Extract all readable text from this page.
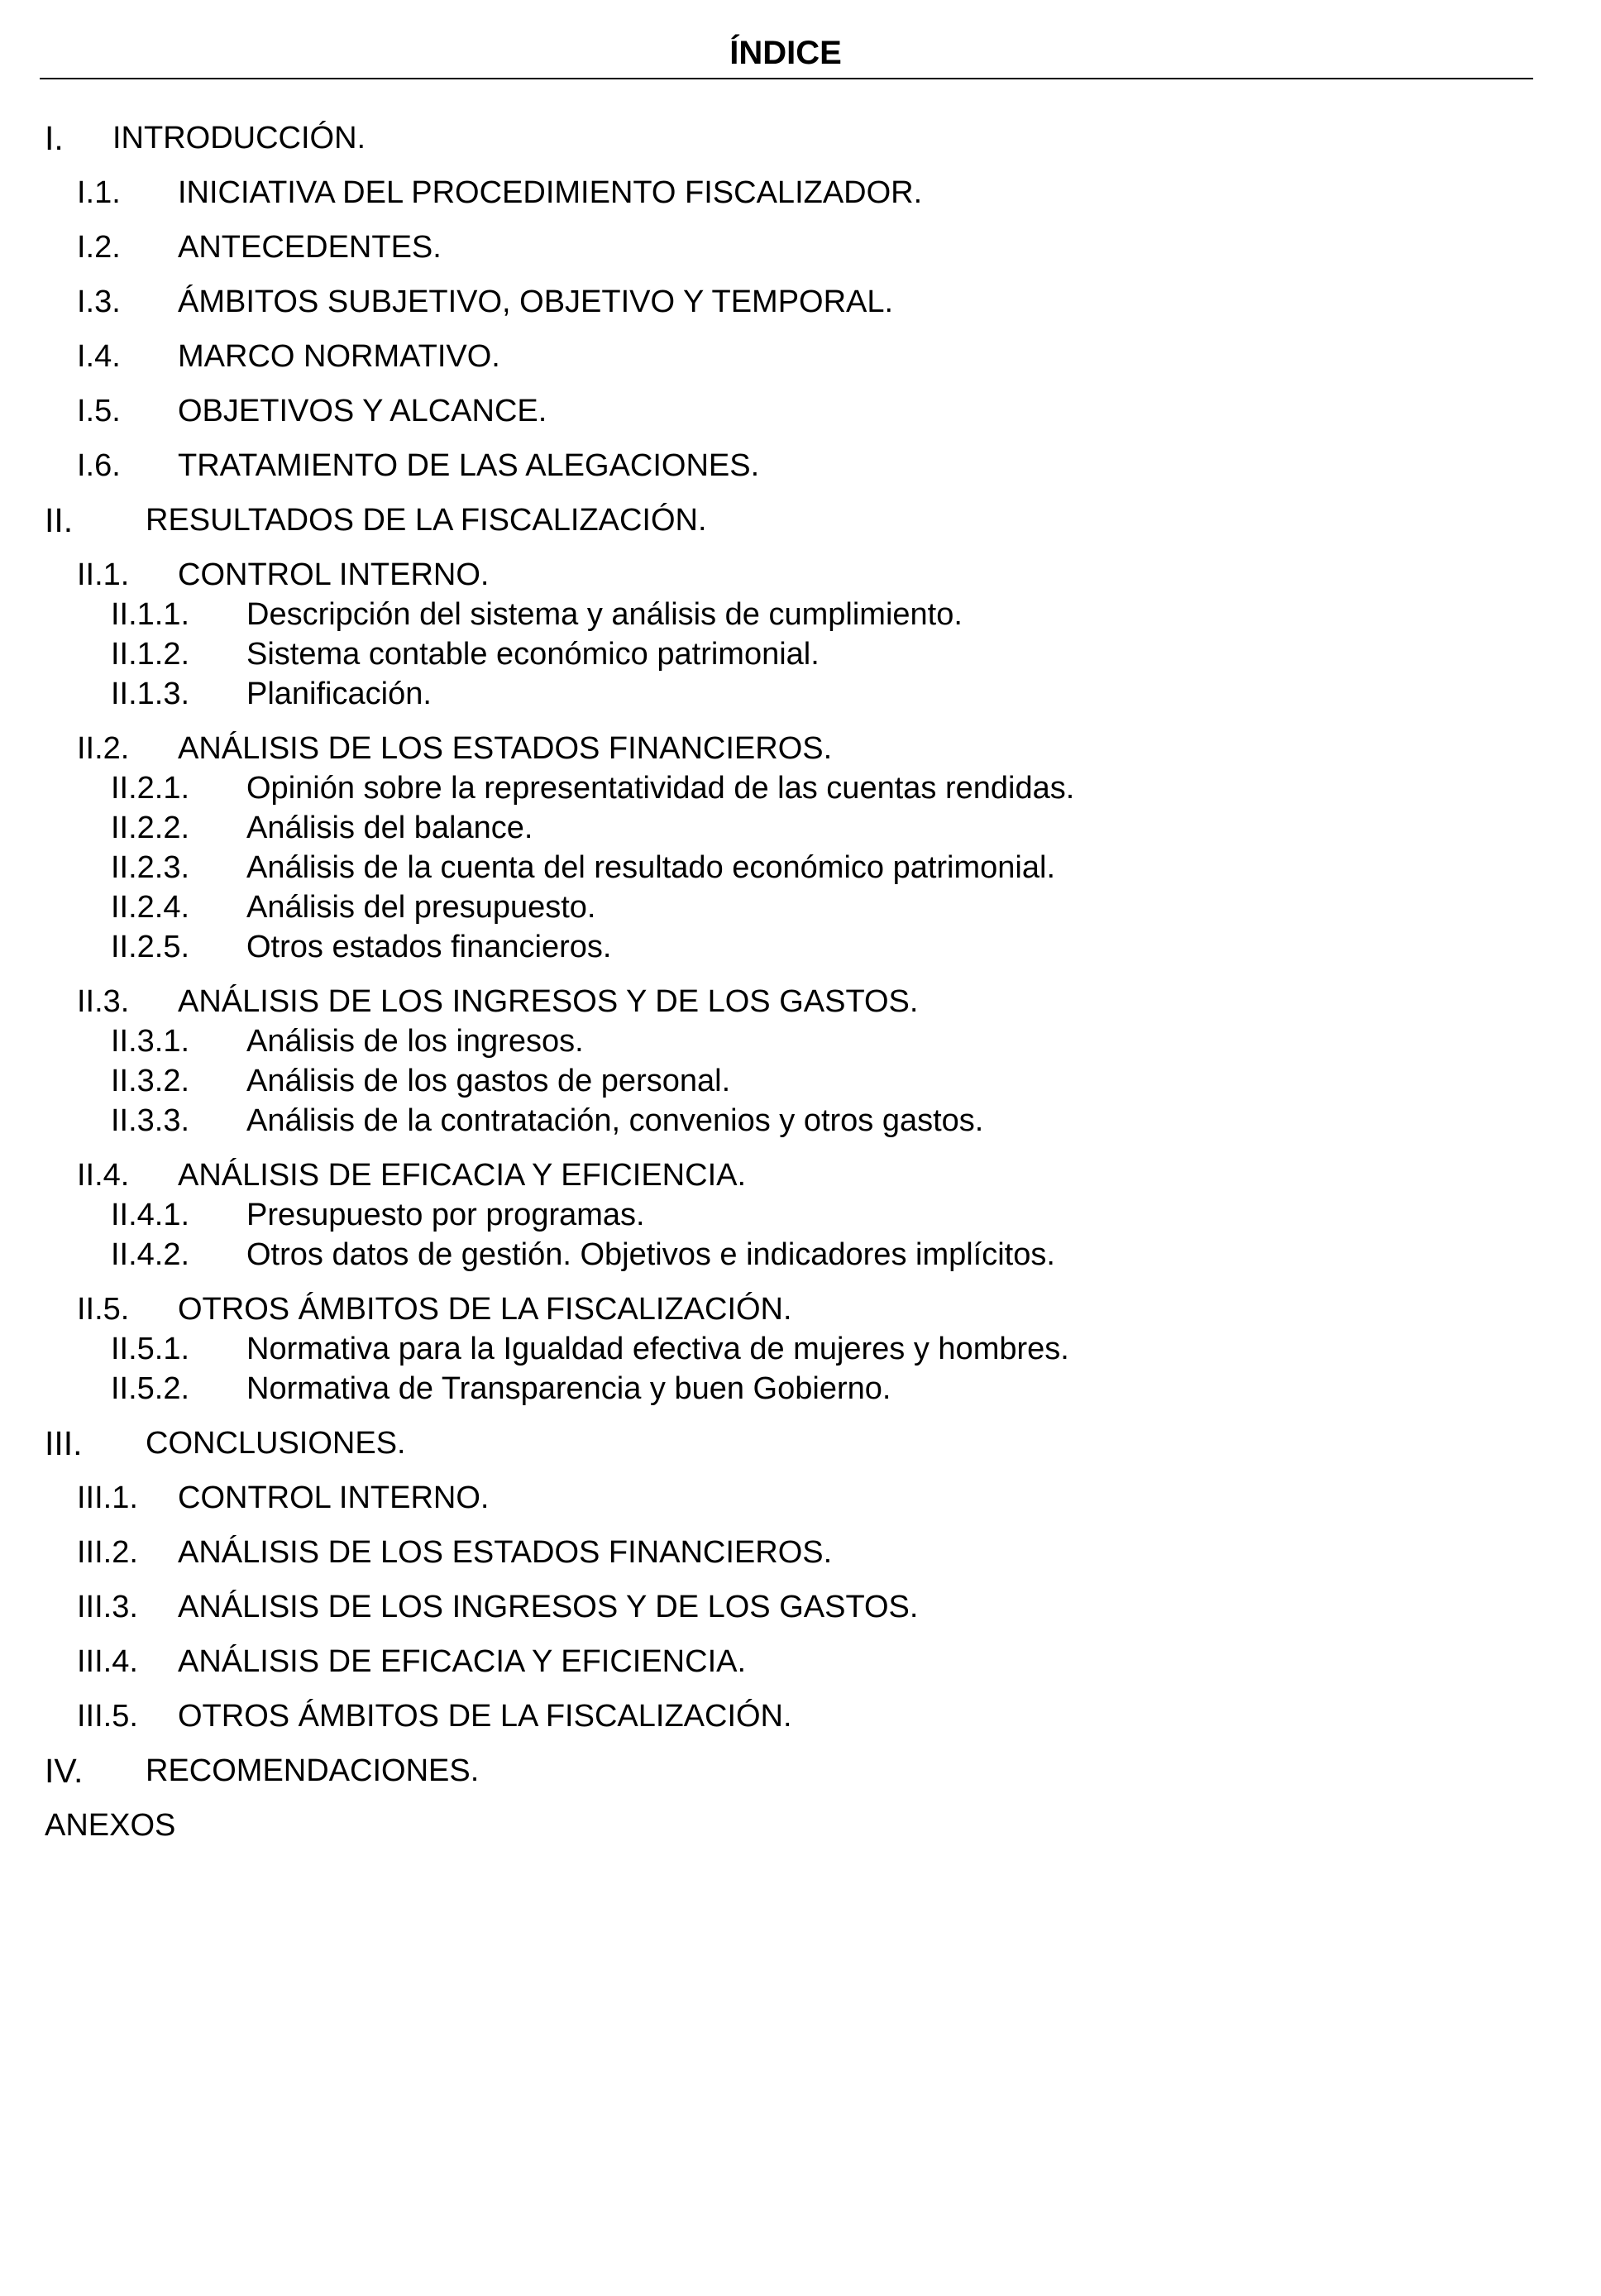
ÍNDICE
I. INTRODUCCIÓN.
I.1. INICIATIVA DEL PROCEDIMIENTO FISCALIZADOR.
I.2. ANTECEDENTES.
I.3. ÁMBITOS SUBJETIVO, OBJETIVO Y TEMPORAL.
I.4. MARCO NORMATIVO.
I.5. OBJETIVOS Y ALCANCE.
I.6. TRATAMIENTO DE LAS ALEGACIONES.
II. RESULTADOS DE LA FISCALIZACIÓN.
II.1. CONTROL INTERNO.
II.1.1. Descripción del sistema y análisis de cumplimiento.
II.1.2. Sistema contable económico patrimonial.
II.1.3. Planificación.
II.2. ANÁLISIS DE LOS ESTADOS FINANCIEROS.
II.2.1. Opinión sobre la representatividad de las cuentas rendidas.
II.2.2. Análisis del balance.
II.2.3. Análisis de la cuenta del resultado económico patrimonial.
II.2.4. Análisis del presupuesto.
II.2.5. Otros estados financieros.
II.3. ANÁLISIS DE LOS INGRESOS Y DE LOS GASTOS.
II.3.1. Análisis de los ingresos.
II.3.2. Análisis de los gastos de personal.
II.3.3. Análisis de la contratación, convenios y otros gastos.
II.4. ANÁLISIS DE EFICACIA Y EFICIENCIA.
II.4.1. Presupuesto por programas.
II.4.2. Otros datos de gestión. Objetivos e indicadores implícitos.
II.5. OTROS ÁMBITOS DE LA FISCALIZACIÓN.
II.5.1. Normativa para la Igualdad efectiva de mujeres y hombres.
II.5.2. Normativa de Transparencia y buen Gobierno.
III. CONCLUSIONES.
III.1. CONTROL INTERNO.
III.2. ANÁLISIS DE LOS ESTADOS FINANCIEROS.
III.3. ANÁLISIS DE LOS INGRESOS Y DE LOS GASTOS.
III.4. ANÁLISIS DE EFICACIA Y EFICIENCIA.
III.5. OTROS ÁMBITOS DE LA FISCALIZACIÓN.
IV. RECOMENDACIONES.
ANEXOS
